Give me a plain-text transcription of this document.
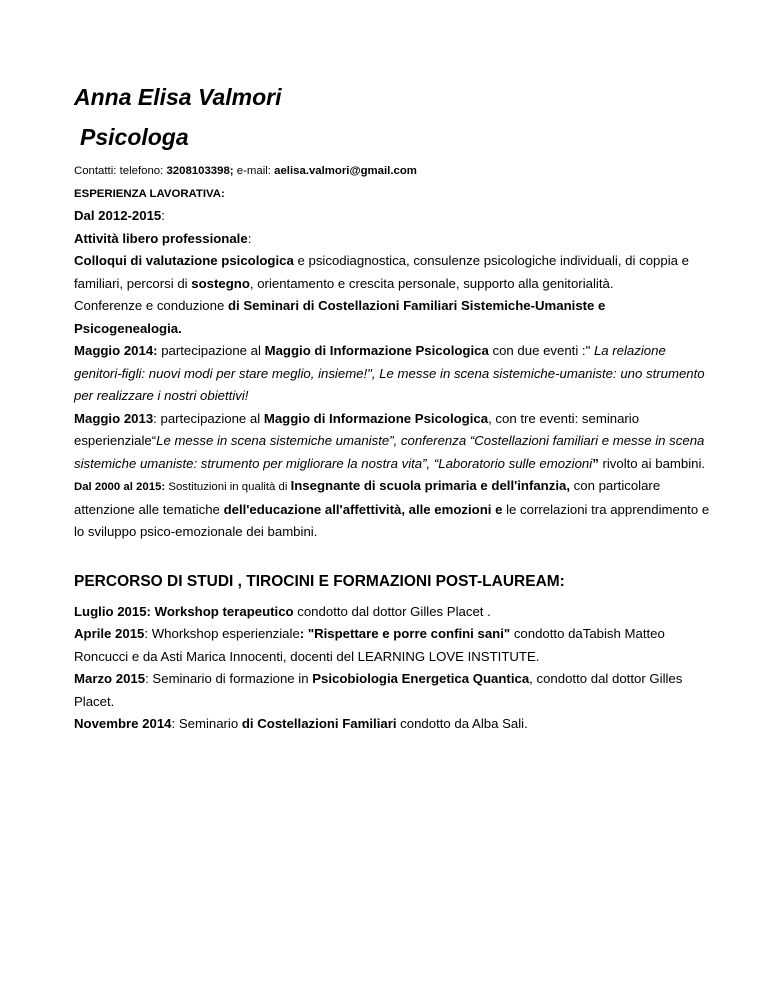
Anna Elisa Valmori
Psicologa

Contatti: telefono: 3208103398; e-mail: aelisa.valmori@gmail.com

ESPERIENZA LAVORATIVA:

Dal 2012-2015:

Attività libero professionale:

Colloqui di valutazione psicologica e psicodiagnostica, consulenze psicologiche individuali, di coppia e familiari, percorsi di sostegno, orientamento e crescita personale, supporto alla genitorialità.

Conferenze e conduzione di Seminari di Costellazioni Familiari Sistemiche-Umaniste e Psicogenealogia.

Maggio 2014: partecipazione al Maggio di Informazione Psicologica con due eventi :" La relazione genitori-figli: nuovi modi per stare meglio, insieme!", Le messe in scena sistemiche-umaniste: uno strumento per realizzare i nostri obiettivi!

Maggio 2013: partecipazione al Maggio di Informazione Psicologica, con tre eventi: seminario esperienziale“Le messe in scena sistemiche umaniste”, conferenza “Costellazioni familiari e messe in scena sistemiche umaniste: strumento per migliorare la nostra vita”, “Laboratorio sulle emozioni” rivolto ai bambini.

Dal 2000 al 2015: Sostituzioni in qualità di Insegnante di scuola primaria e dell'infanzia, con particolare attenzione alle tematiche dell'educazione all'affettività, alle emozioni e le correlazioni tra apprendimento e lo sviluppo psico-emozionale dei bambini.

PERCORSO DI STUDI , TIROCINI E FORMAZIONI POST-LAUREAM:

Luglio 2015: Workshop terapeutico condotto dal dottor Gilles Placet .

Aprile 2015: Whorkshop esperienziale: "Rispettare e porre confini sani" condotto daTabish Matteo Roncucci e da Asti Marica Innocenti, docenti del LEARNING LOVE INSTITUTE.

Marzo 2015: Seminario di formazione in Psicobiologia Energetica Quantica, condotto dal dottor Gilles Placet.

Novembre 2014: Seminario di Costellazioni Familiari condotto da Alba Sali.
